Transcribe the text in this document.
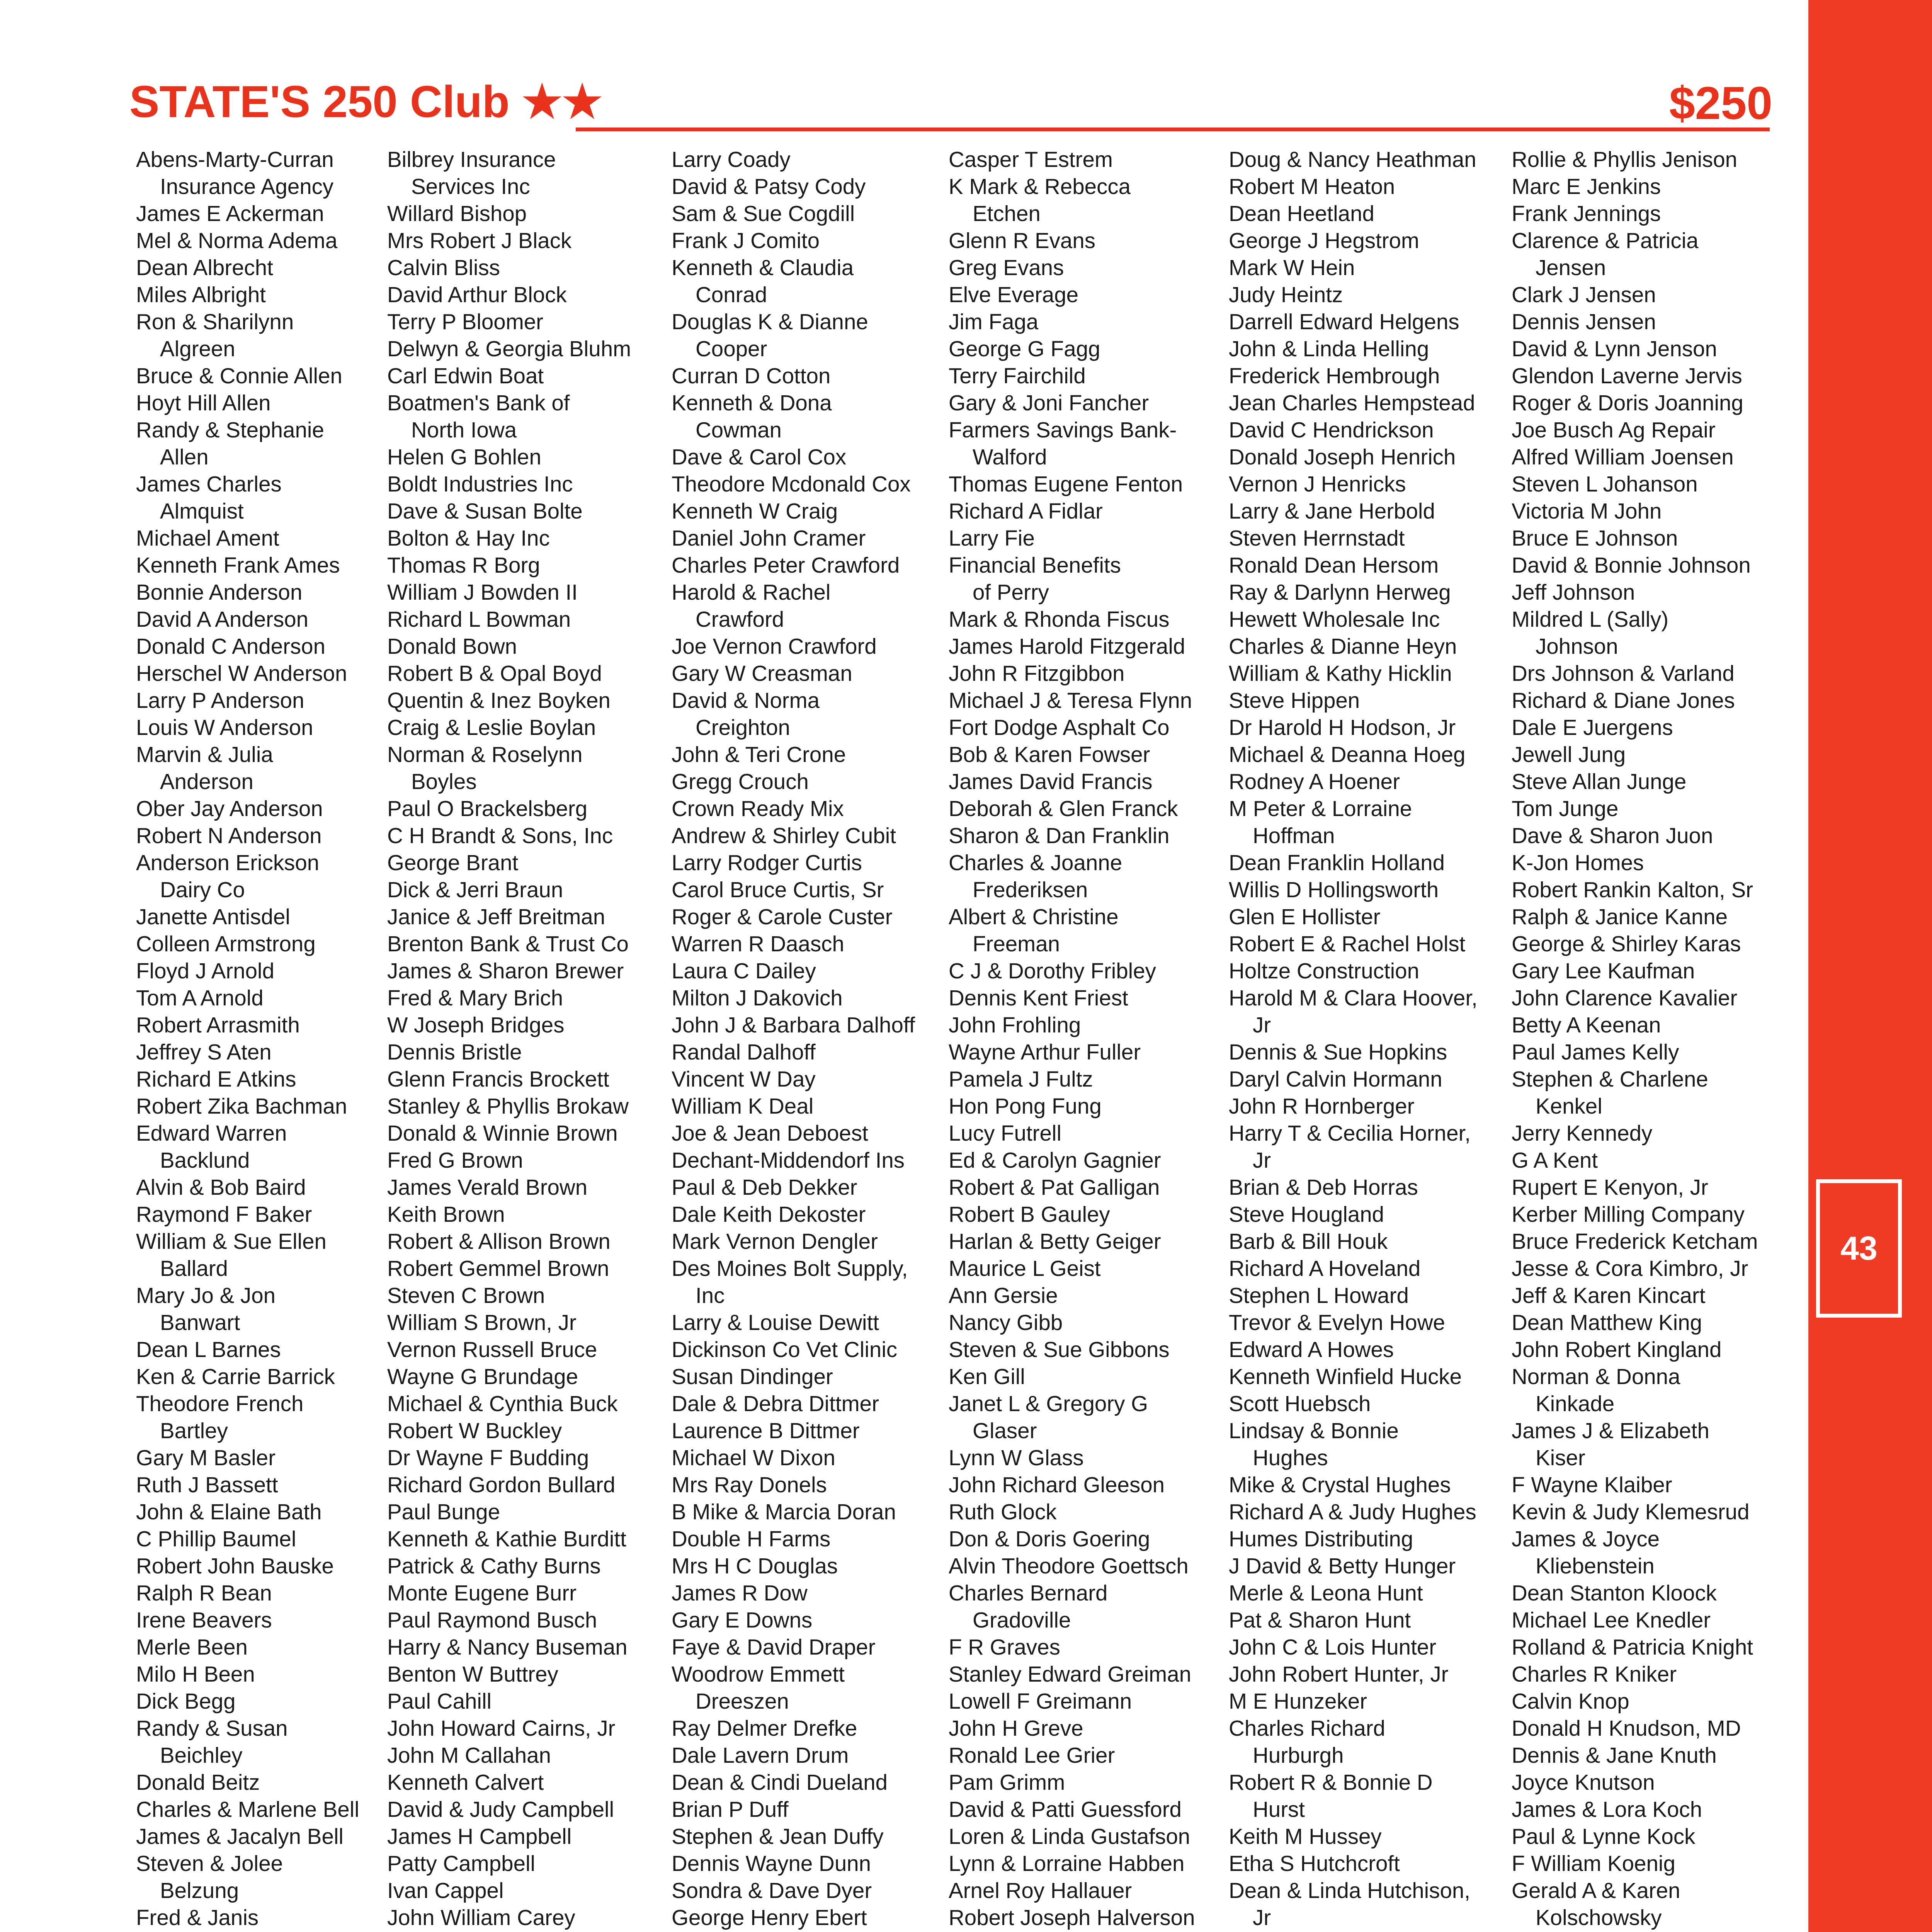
43
STATE'S 250 Club ★★	$250
Abens-Marty-Curran
Insurance Agency
James E Ackerman
Mel & Norma Adema
Dean Albrecht
Miles Albright
Ron & Sharilynn
Algreen
Bruce & Connie Allen
Hoyt Hill Allen
Randy & Stephanie
Allen
James Charles
Almquist
Michael Ament
Kenneth Frank Ames
Bonnie Anderson
David A Anderson
Donald C Anderson
Herschel W Anderson
Larry P Anderson
Louis W Anderson
Marvin & Julia
Anderson
Ober Jay Anderson
Robert N Anderson
Anderson Erickson
Dairy Co
Janette Antisdel
Colleen Armstrong
Floyd J Arnold
Tom A Arnold
Robert Arrasmith
Jeffrey S Aten
Richard E Atkins
Robert Zika Bachman
Edward Warren
Backlund
Alvin & Bob Baird
Raymond F Baker
William & Sue Ellen
Ballard
Mary Jo & Jon
Banwart
Dean L Barnes
Ken & Carrie Barrick
Theodore French
Bartley
Gary M Basler
Ruth J Bassett
John & Elaine Bath
C Phillip Baumel
Robert John Bauske
Ralph R Bean
Irene Beavers
Merle Been
Milo H Been
Dick Begg
Randy & Susan
Beichley
Donald Beitz
Charles & Marlene Bell
James & Jacalyn Bell
Steven & Jolee
Belzung
Fred & Janis
Bilbrey Insurance
Services Inc
Willard Bishop
Mrs Robert J Black
Calvin Bliss
David Arthur Block
Terry P Bloomer
Delwyn & Georgia Bluhm
Carl Edwin Boat
Boatmen's Bank of
North Iowa
Helen G Bohlen
Boldt Industries Inc
Dave & Susan Bolte
Bolton & Hay Inc
Thomas R Borg
William J Bowden II
Richard L Bowman
Donald Bown
Robert B & Opal Boyd
Quentin & Inez Boyken
Craig & Leslie Boylan
Norman & Roselynn
Boyles
Paul O Brackelsberg
C H Brandt & Sons, Inc
George Brant
Dick & Jerri Braun
Janice & Jeff Breitman
Brenton Bank & Trust Co
James & Sharon Brewer
Fred & Mary Brich
W Joseph Bridges
Dennis Bristle
Glenn Francis Brockett
Stanley & Phyllis Brokaw
Donald & Winnie Brown
Fred G Brown
James Verald Brown
Keith Brown
Robert & Allison Brown
Robert Gemmel Brown
Steven C Brown
William S Brown, Jr
Vernon Russell Bruce
Wayne G Brundage
Michael & Cynthia Buck
Robert W Buckley
Dr Wayne F Budding
Richard Gordon Bullard
Paul Bunge
Kenneth & Kathie Burditt
Patrick & Cathy Burns
Monte Eugene Burr
Paul Raymond Busch
Harry & Nancy Buseman
Benton W Buttrey
Paul Cahill
John Howard Cairns, Jr
John M Callahan
Kenneth Calvert
David & Judy Campbell
James H Campbell
Patty Campbell
Ivan Cappel
John William Carey
Larry Coady
David & Patsy Cody
Sam & Sue Cogdill
Frank J Comito
Kenneth & Claudia
Conrad
Douglas K & Dianne
Cooper
Curran D Cotton
Kenneth & Dona
Cowman
Dave & Carol Cox
Theodore Mcdonald Cox
Kenneth W Craig
Daniel John Cramer
Charles Peter Crawford
Harold & Rachel
Crawford
Joe Vernon Crawford
Gary W Creasman
David & Norma
Creighton
John & Teri Crone
Gregg Crouch
Crown Ready Mix
Andrew & Shirley Cubit
Larry Rodger Curtis
Carol Bruce Curtis, Sr
Roger & Carole Custer
Warren R Daasch
Laura C Dailey
Milton J Dakovich
John J & Barbara Dalhoff
Randal Dalhoff
Vincent W Day
William K Deal
Joe & Jean Deboest
Dechant-Middendorf Ins
Paul & Deb Dekker
Dale Keith Dekoster
Mark Vernon Dengler
Des Moines Bolt Supply,
Inc
Larry & Louise Dewitt
Dickinson Co Vet Clinic
Susan Dindinger
Dale & Debra Dittmer
Laurence B Dittmer
Michael W Dixon
Mrs Ray Donels
B Mike & Marcia Doran
Double H Farms
Mrs H C Douglas
James R Dow
Gary E Downs
Faye & David Draper
Woodrow Emmett
Dreeszen
Ray Delmer Drefke
Dale Lavern Drum
Dean & Cindi Dueland
Brian P Duff
Stephen & Jean Duffy
Dennis Wayne Dunn
Sondra & Dave Dyer
George Henry Ebert
Casper T Estrem
K Mark & Rebecca
Etchen
Glenn R Evans
Greg Evans
Elve Everage
Jim Faga
George G Fagg
Terry Fairchild
Gary & Joni Fancher
Farmers Savings Bank-
Walford
Thomas Eugene Fenton
Richard A Fidlar
Larry Fie
Financial Benefits
of Perry
Mark & Rhonda Fiscus
James Harold Fitzgerald
John R Fitzgibbon
Michael J & Teresa Flynn
Fort Dodge Asphalt Co
Bob & Karen Fowser
James David Francis
Deborah & Glen Franck
Sharon & Dan Franklin
Charles & Joanne
Frederiksen
Albert & Christine
Freeman
C J & Dorothy Fribley
Dennis Kent Friest
John Frohling
Wayne Arthur Fuller
Pamela J Fultz
Hon Pong Fung
Lucy Futrell
Ed & Carolyn Gagnier
Robert & Pat Galligan
Robert B Gauley
Harlan & Betty Geiger
Maurice L Geist
Ann Gersie
Nancy Gibb
Steven & Sue Gibbons
Ken Gill
Janet L & Gregory G
Glaser
Lynn W Glass
John Richard Gleeson
Ruth Glock
Don & Doris Goering
Alvin Theodore Goettsch
Charles Bernard
Gradoville
F R Graves
Stanley Edward Greiman
Lowell F Greimann
John H Greve
Ronald Lee Grier
Pam Grimm
David & Patti Guessford
Loren & Linda Gustafson
Lynn & Lorraine Habben
Arnel Roy Hallauer
Robert Joseph Halverson
Doug & Nancy Heathman
Robert M Heaton
Dean Heetland
George J Hegstrom
Mark W Hein
Judy Heintz
Darrell Edward Helgens
John & Linda Helling
Frederick Hembrough
Jean Charles Hempstead
David C Hendrickson
Donald Joseph Henrich
Vernon J Henricks
Larry & Jane Herbold
Steven Herrnstadt
Ronald Dean Hersom
Ray & Darlynn Herweg
Hewett Wholesale Inc
Charles & Dianne Heyn
William & Kathy Hicklin
Steve Hippen
Dr Harold H Hodson, Jr
Michael & Deanna Hoeg
Rodney A Hoener
M Peter & Lorraine
Hoffman
Dean Franklin Holland
Willis D Hollingsworth
Glen E Hollister
Robert E & Rachel Holst
Holtze Construction
Harold M & Clara Hoover,
Jr
Dennis & Sue Hopkins
Daryl Calvin Hormann
John R Hornberger
Harry T & Cecilia Horner,
Jr
Brian & Deb Horras
Steve Hougland
Barb & Bill Houk
Richard A Hoveland
Stephen L Howard
Trevor & Evelyn Howe
Edward A Howes
Kenneth Winfield Hucke
Scott Huebsch
Lindsay & Bonnie
Hughes
Mike & Crystal Hughes
Richard A & Judy Hughes
Humes Distributing
J David & Betty Hunger
Merle & Leona Hunt
Pat & Sharon Hunt
John C & Lois Hunter
John Robert Hunter, Jr
M E Hunzeker
Charles Richard
Hurburgh
Robert R & Bonnie D
Hurst
Keith M Hussey
Etha S Hutchcroft
Dean & Linda Hutchison,
Jr
Rollie & Phyllis Jenison
Marc E Jenkins
Frank Jennings
Clarence & Patricia
Jensen
Clark J Jensen
Dennis Jensen
David & Lynn Jenson
Glendon Laverne Jervis
Roger & Doris Joanning
Joe Busch Ag Repair
Alfred William Joensen
Steven L Johanson
Victoria M John
Bruce E Johnson
David & Bonnie Johnson
Jeff Johnson
Mildred L (Sally)
Johnson
Drs Johnson & Varland
Richard & Diane Jones
Dale E Juergens
Jewell Jung
Steve Allan Junge
Tom Junge
Dave & Sharon Juon
K-Jon Homes
Robert Rankin Kalton, Sr
Ralph & Janice Kanne
George & Shirley Karas
Gary Lee Kaufman
John Clarence Kavalier
Betty A Keenan
Paul James Kelly
Stephen & Charlene
Kenkel
Jerry Kennedy
G A Kent
Rupert E Kenyon, Jr
Kerber Milling Company
Bruce Frederick Ketcham
Jesse & Cora Kimbro, Jr
Jeff & Karen Kincart
Dean Matthew King
John Robert Kingland
Norman & Donna
Kinkade
James J & Elizabeth
Kiser
F Wayne Klaiber
Kevin & Judy Klemesrud
James & Joyce
Kliebenstein
Dean Stanton Kloock
Michael Lee Knedler
Rolland & Patricia Knight
Charles R Kniker
Calvin Knop
Donald H Knudson, MD
Dennis & Jane Knuth
Joyce Knutson
James & Lora Koch
Paul & Lynne Kock
F William Koenig
Gerald A & Karen
Kolschowsky
